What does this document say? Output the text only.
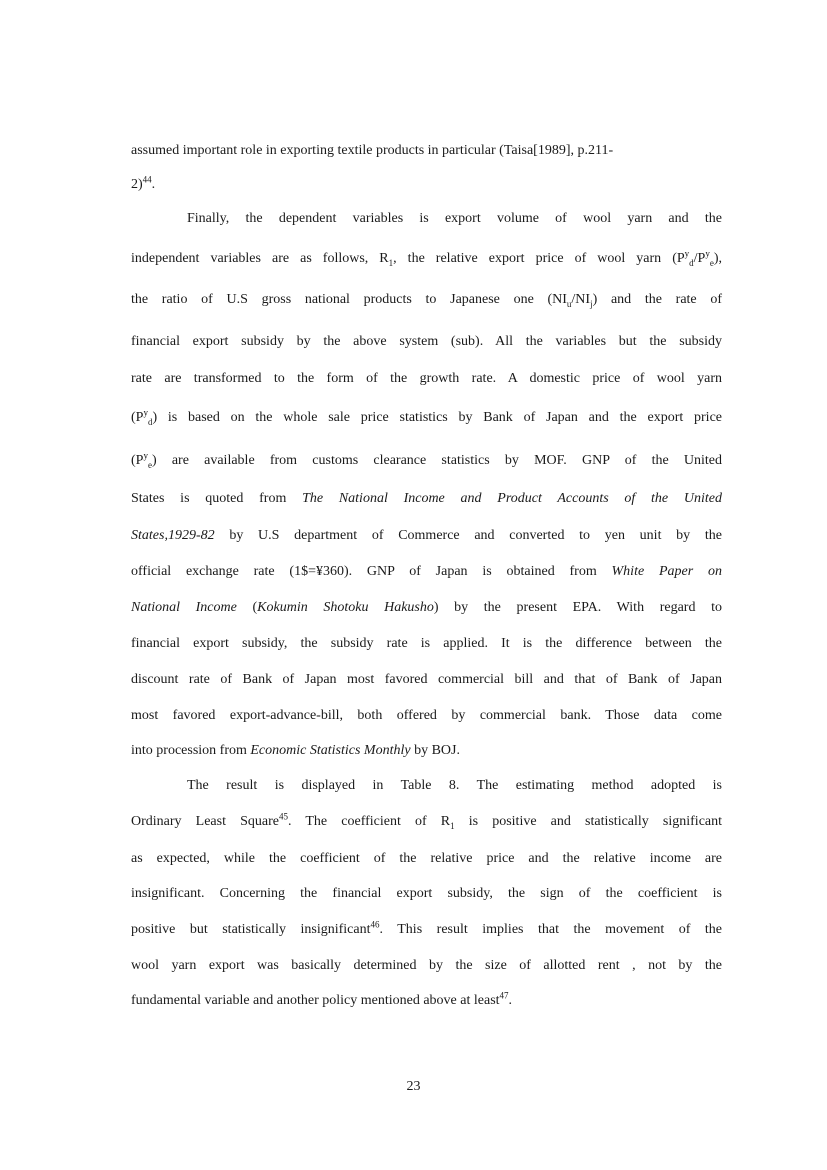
assumed important role in exporting textile products in particular (Taisa[1989], p.211-
2)$^{44}$.
Finally, the dependent variables is export volume of wool yarn and the
independent variables are as follows, $R_1$, the relative export price of wool yarn $(P^y_d/P^y_e)$,
the ratio of U.S gross national products to Japanese one $(NI_u/NI_j)$ and the rate of
financial export subsidy by the above system (sub). All the variables but the subsidy
rate are transformed to the form of the growth rate. A domestic price of wool yarn
$(P^y_d)$ is based on the whole sale price statistics by Bank of Japan and the export price
$(P^y_e)$ are available from customs clearance statistics by MOF. GNP of the United
States is quoted from The National Income and Product Accounts of the United
States,1929-82 by U.S department of Commerce and converted to yen unit by the
official exchange rate (1$=¥360). GNP of Japan is obtained from White Paper on
National Income (Kokumin Shotoku Hakusho) by the present EPA. With regard to
financial export subsidy, the subsidy rate is applied. It is the difference between the
discount rate of Bank of Japan most favored commercial bill and that of Bank of Japan
most favored export-advance-bill, both offered by commercial bank. Those data come
into procession from Economic Statistics Monthly by BOJ.
The result is displayed in Table 8. The estimating method adopted is
Ordinary Least Square$^{45}$. The coefficient of $R_1$ is positive and statistically significant
as expected, while the coefficient of the relative price and the relative income are
insignificant. Concerning the financial export subsidy, the sign of the coefficient is
positive but statistically insignificant$^{46}$. This result implies that the movement of the
wool yarn export was basically determined by the size of allotted rent , not by the
fundamental variable and another policy mentioned above at least$^{47}$.
23
